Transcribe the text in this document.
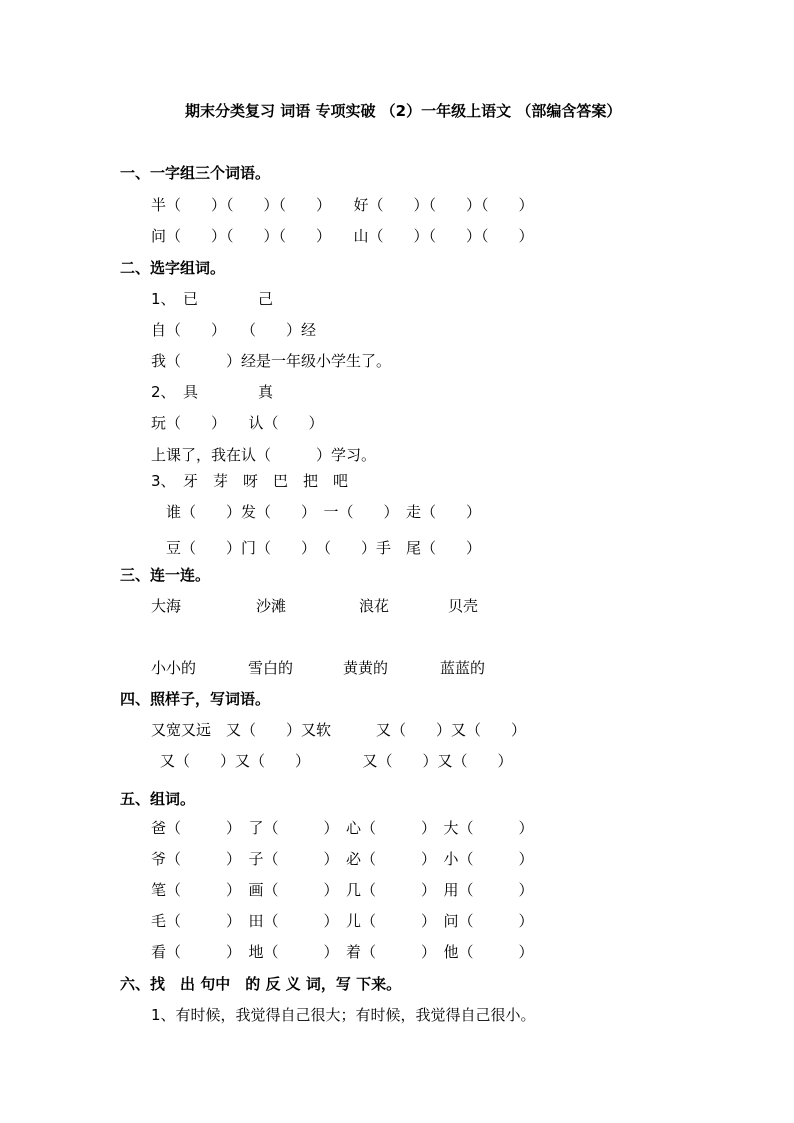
期末分类复习 词语 专项实破 （2）一年级上语文 （部编含答案）
一、一字组三个词语。
半（　　）（　　）（　　）　　好（　　）（　　）（　　）
问（　　）（　　）（　　）　　山（　　）（　　）（　　）
二、选字组词。
1、　已　　　　己
自（　　）　　（　　）经
我（　　　）经是一年级小学生了。
2、　具　　　　真
玩（　　）　　认（　　）
上课了，我在认（　　　）学习。
3、　牙　芽　呀　巴　把　吧
谁（　　）发（　　）　一（　　）　走（　　）
豆（　　）门（　　）　（　　）手　尾（　　）
三、连一连。
大海	沙滩	浪花	贝壳
小小的	雪白的	黄黄的	蓝蓝的
四、照样子，写词语。
又宽又远　又（　　）又软　　　又（　　）又（　　）
又（　　）又（　　）　　　　又（　　）又（　　）
五、组词。
爸（　　　）　了（　　　）　心（　　　）　大（　　　）
爷（　　　）　子（　　　）　必（　　　）　小（　　　）
笔（　　　）　画（　　　）　几（　　　）　用（　　　）
毛（　　　）　田（　　　）　儿（　　　）　问（　　　）
看（　　　）　地（　　　）　着（　　　）　他（　　　）
六、找　出 句中　的 反 义 词，写 下来。
1、有时候，我觉得自己很大；有时候，我觉得自己很小。
